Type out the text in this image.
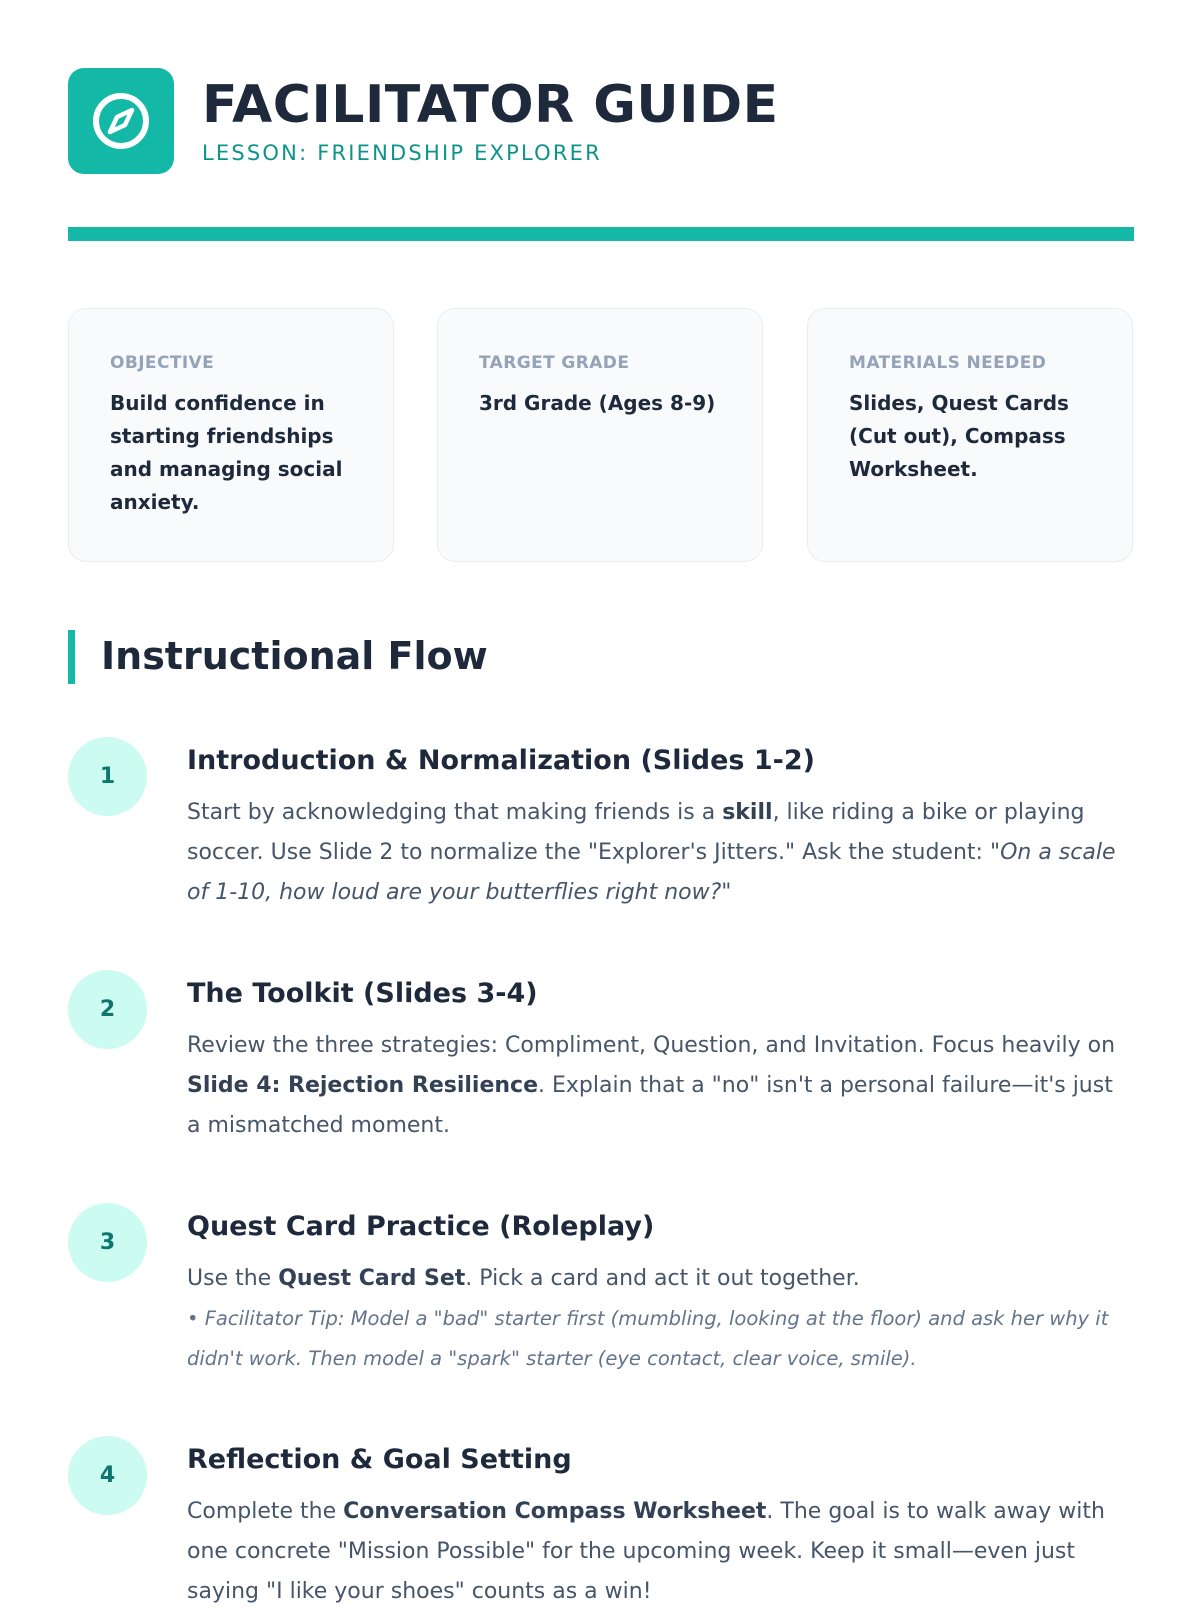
FACILITATOR GUIDE
LESSON: FRIENDSHIP EXPLORER
OBJECTIVE
Build confidence in starting friendships and managing social anxiety.
TARGET GRADE
3rd Grade (Ages 8-9)
MATERIALS NEEDED
Slides, Quest Cards (Cut out), Compass Worksheet.
Instructional Flow
1
Introduction & Normalization (Slides 1-2)

Start by acknowledging that making friends is a skill, like riding a bike or playing soccer. Use Slide 2 to normalize the "Explorer's Jitters." Ask the student: "On a scale of 1-10, how loud are your butterflies right now?"

2
The Toolkit (Slides 3-4)

Review the three strategies: Compliment, Question, and Invitation. Focus heavily on Slide 4: Rejection Resilience. Explain that a "no" isn't a personal failure—it's just a mismatched moment.

3
Quest Card Practice (Roleplay)

Use the Quest Card Set. Pick a card and act it out together.

• Facilitator Tip: Model a "bad" starter first (mumbling, looking at the floor) and ask her why it didn't work. Then model a "spark" starter (eye contact, clear voice, smile).

4
Reflection & Goal Setting

Complete the Conversation Compass Worksheet. The goal is to walk away with one concrete "Mission Possible" for the upcoming week. Keep it small—even just saying "I like your shoes" counts as a win!
